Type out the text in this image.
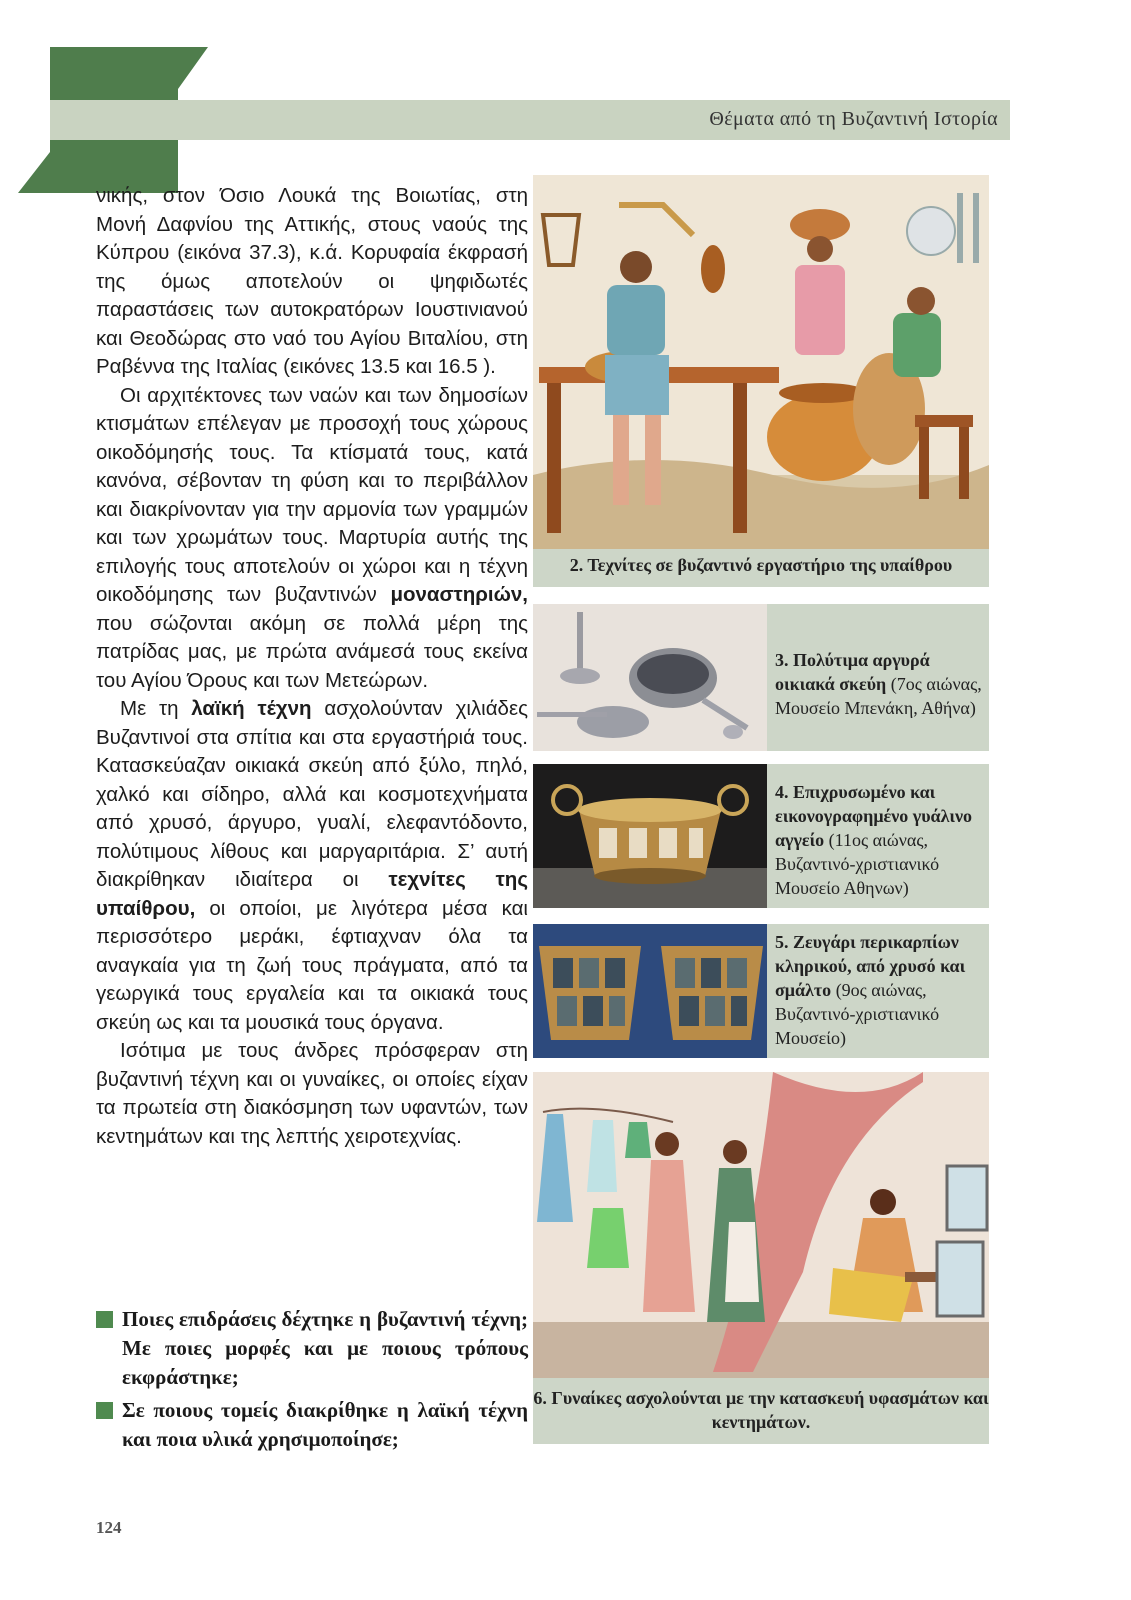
Θέματα από τη Βυζαντινή Ιστορία

νικής, στον Όσιο Λουκά της Βοιωτίας, στη Μονή Δαφνίου της Αττικής, στους ναούς της Κύπρου (εικόνα 37.3), κ.ά. Κορυφαία έκφρασή της όμως αποτελούν οι ψηφιδωτές παραστάσεις των αυτοκρατόρων Ιουστινιανού και Θεοδώρας στο ναό του Αγίου Βιταλίου, στη Ραβέννα της Ιταλίας (εικόνες 13.5 και 16.5 ).

Οι αρχιτέκτονες των ναών και των δημοσίων κτισμάτων επέλεγαν με προσοχή τους χώρους οικοδόμησής τους. Τα κτίσματά τους, κατά κανόνα, σέβονταν τη φύση και το περιβάλλον και διακρίνονταν για την αρμονία των γραμμών και των χρωμάτων τους. Μαρτυρία αυτής της επιλογής τους αποτελούν οι χώροι και η τέχνη οικοδόμησης των βυζαντινών μοναστηριών, που σώζονται ακόμη σε πολλά μέρη της πατρίδας μας, με πρώτα ανάμεσά τους εκείνα του Αγίου Όρους και των Μετεώρων.

Με τη λαϊκή τέχνη ασχολούνταν χιλιάδες Βυζαντινοί στα σπίτια και στα εργαστήριά τους. Κατασκεύαζαν οικιακά σκεύη από ξύλο, πηλό, χαλκό και σίδηρο, αλλά και κοσμοτεχνήματα από χρυσό, άργυρο, γυαλί, ελεφαντόδοντο, πολύτιμους λίθους και μαργαριτάρια. Σ’ αυτή διακρίθηκαν ιδιαίτερα οι τεχνίτες της υπαίθρου, οι οποίοι, με λιγότερα μέσα και περισσότερο μεράκι, έφτιαχναν όλα τα αναγκαία για τη ζωή τους πράγματα, από τα γεωργικά τους εργαλεία και τα οικιακά τους σκεύη ως και τα μουσικά τους όργανα.

Ισότιμα με τους άνδρες πρόσφεραν στη βυζαντινή τέχνη και οι γυναίκες, οι οποίες είχαν τα πρωτεία στη διακόσμηση των υφαντών, των κεντημάτων και της λεπτής χειροτεχνίας.

Ποιες επιδράσεις δέχτηκε η βυζαντινή τέχνη; Με ποιες μορφές και με ποιους τρόπους εκφράστηκε;
Σε ποιους τομείς διακρίθηκε η λαϊκή τέχνη και ποια υλικά χρησιμοποίησε;
124
2. Τεχνίτες σε βυζαντινό εργαστήριο της υπαίθρου
3. Πολύτιμα αργυρά οικιακά σκεύη (7ος αιώνας, Μουσείο Μπενάκη, Αθήνα)
4. Επιχρυσωμένο και εικονογραφημένο γυάλινο αγγείο (11ος αιώνας, Βυζαντινό-χριστιανικό Μουσείο Αθηνων)
5. Ζευγάρι περικαρπίων κληρικού, από χρυσό και σμάλτο (9ος αιώνας, Βυζαντινό-χριστιανικό Μουσείο)
6. Γυναίκες ασχολούνται με την κατασκευή υφασμάτων και κεντημάτων.
